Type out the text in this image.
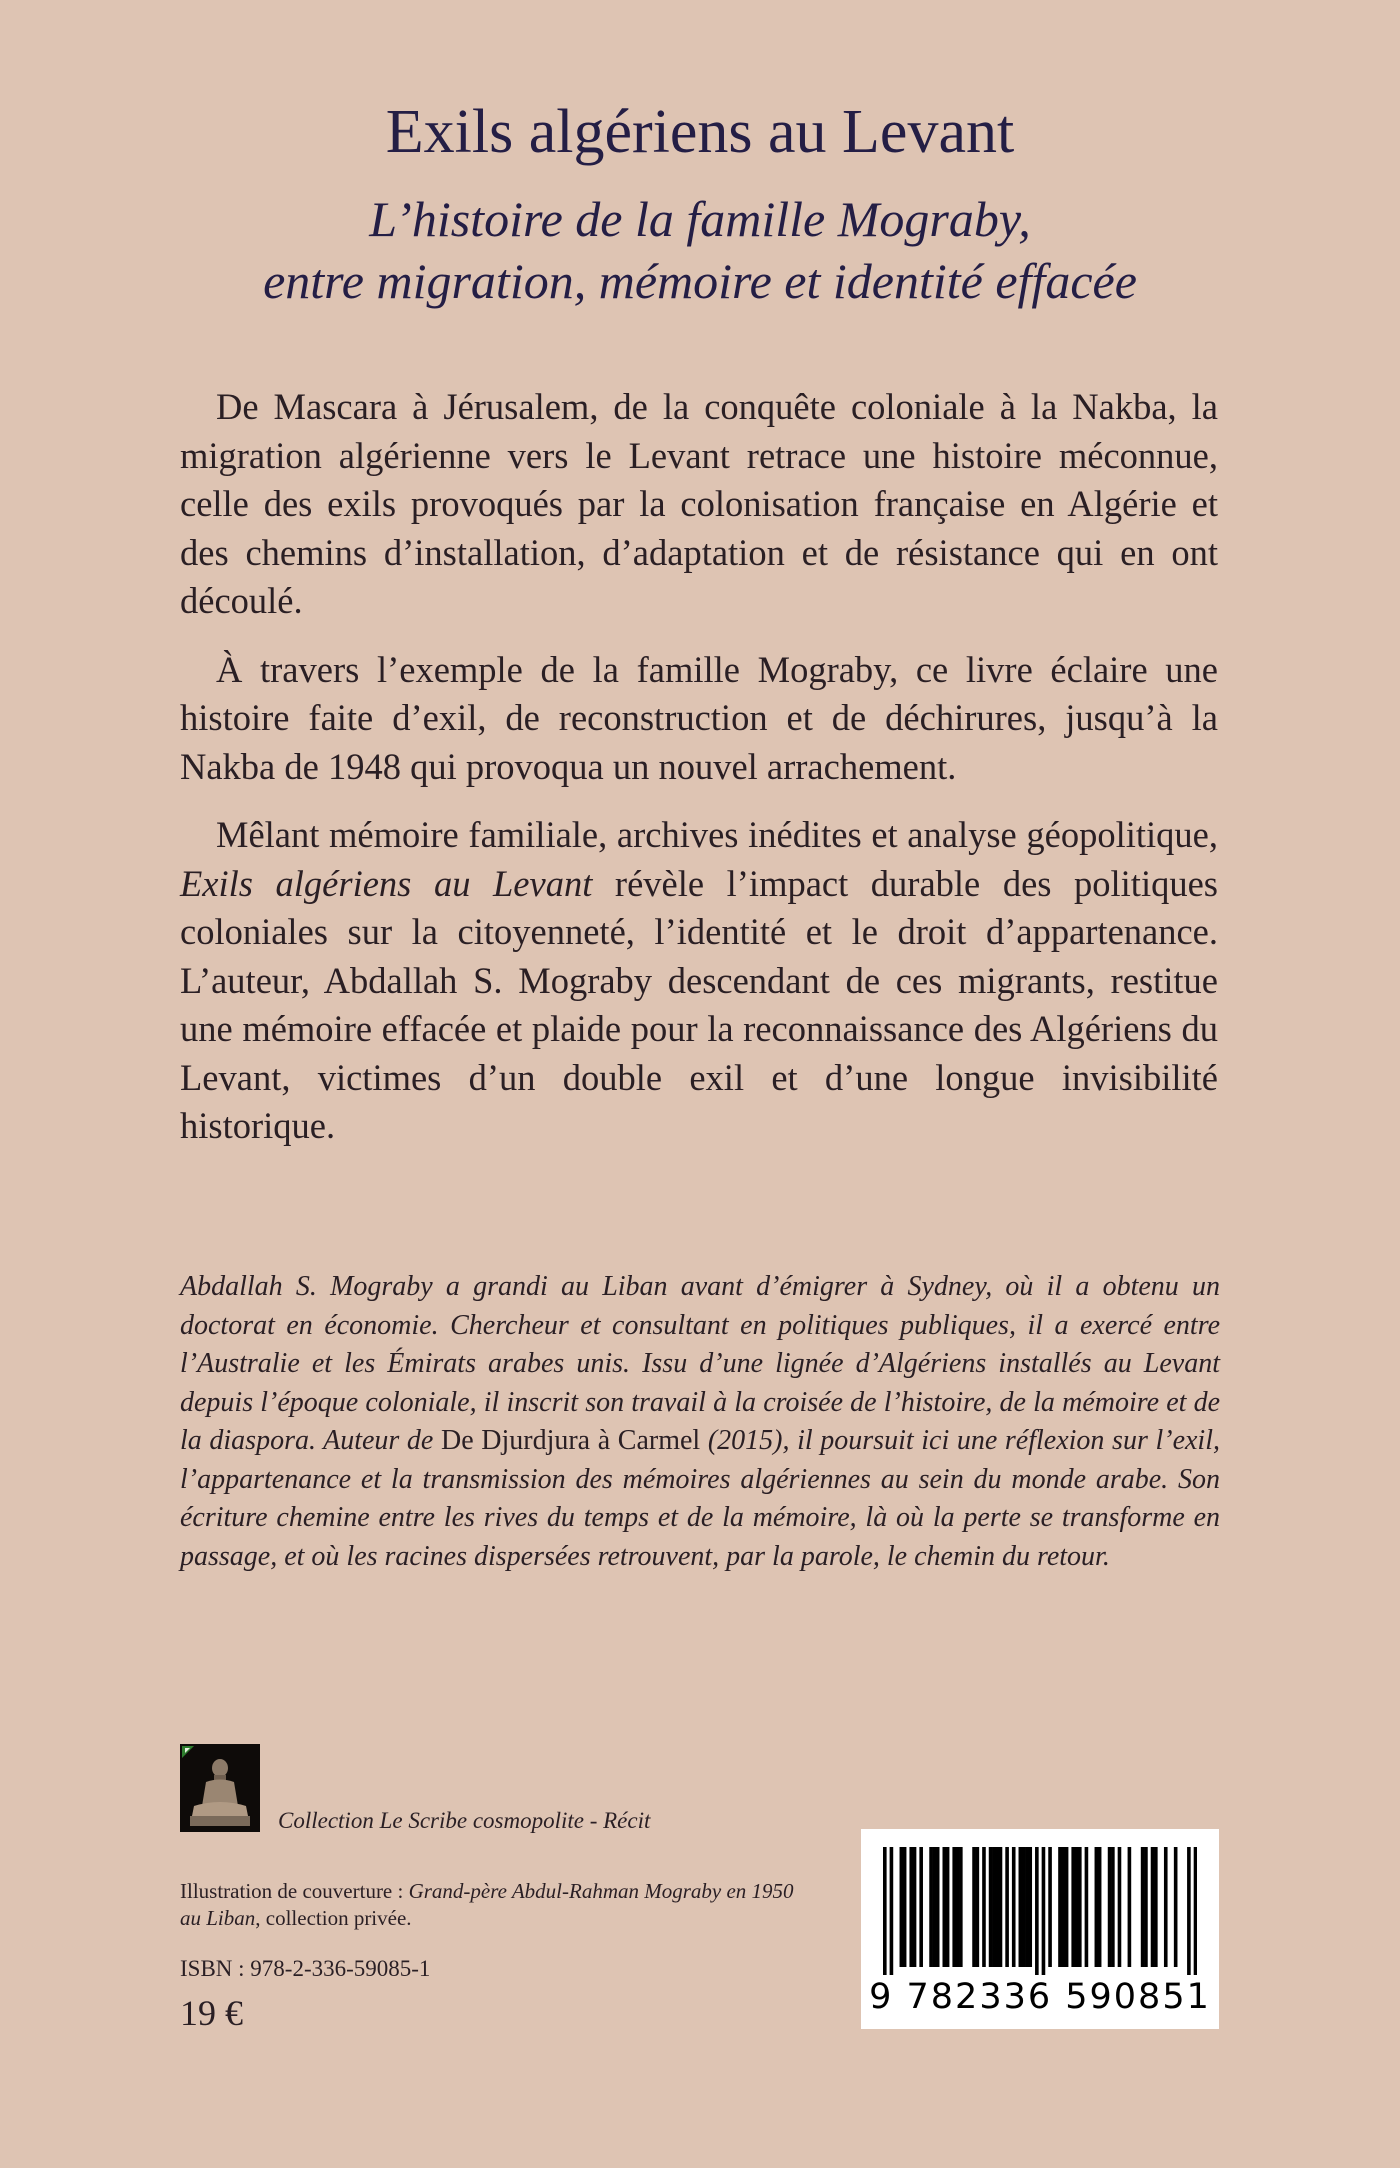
Exils algériens au Levant
L’histoire de la famille Mograby,
entre migration, mémoire et identité effacée

De Mascara à Jérusalem, de la conquête coloniale à la Nakba, la migration algérienne vers le Levant retrace une histoire méconnue, celle des exils provoqués par la colonisation française en Algérie et des chemins d’installation, d’adaptation et de résistance qui en ont découlé.

À travers l’exemple de la famille Mograby, ce livre éclaire une histoire faite d’exil, de reconstruction et de déchirures, jusqu’à la Nakba de 1948 qui provoqua un nouvel arrachement.

Mêlant mémoire familiale, archives inédites et analyse géopolitique, Exils algériens au Levant révèle l’impact durable des politiques coloniales sur la citoyenneté, l’identité et le droit d’appartenance. L’auteur, Abdallah S. Mograby descendant de ces migrants, restitue une mémoire effacée et plaide pour la reconnaissance des Algériens du Levant, victimes d’un double exil et d’une longue invisibilité historique.

Abdallah S. Mograby a grandi au Liban avant d’émigrer à Sydney, où il a obtenu un doctorat en économie. Chercheur et consultant en politiques publiques, il a exercé entre l’Australie et les Émirats arabes unis. Issu d’une lignée d’Algériens installés au Levant depuis l’époque coloniale, il inscrit son travail à la croisée de l’histoire, de la mémoire et de la diaspora. Auteur de De Djurdjura à Carmel (2015), il poursuit ici une réflexion sur l’exil, l’appartenance et la transmission des mémoires algériennes au sein du monde arabe. Son écriture chemine entre les rives du temps et de la mémoire, là où la perte se transforme en passage, et où les racines dispersées retrouvent, par la parole, le chemin du retour.
Collection Le Scribe cosmopolite - Récit
Illustration de couverture : Grand-père Abdul-Rahman Mograby en 1950 au Liban, collection privée.
ISBN : 978-2-336-59085-1
19 €	9 782336 590851
